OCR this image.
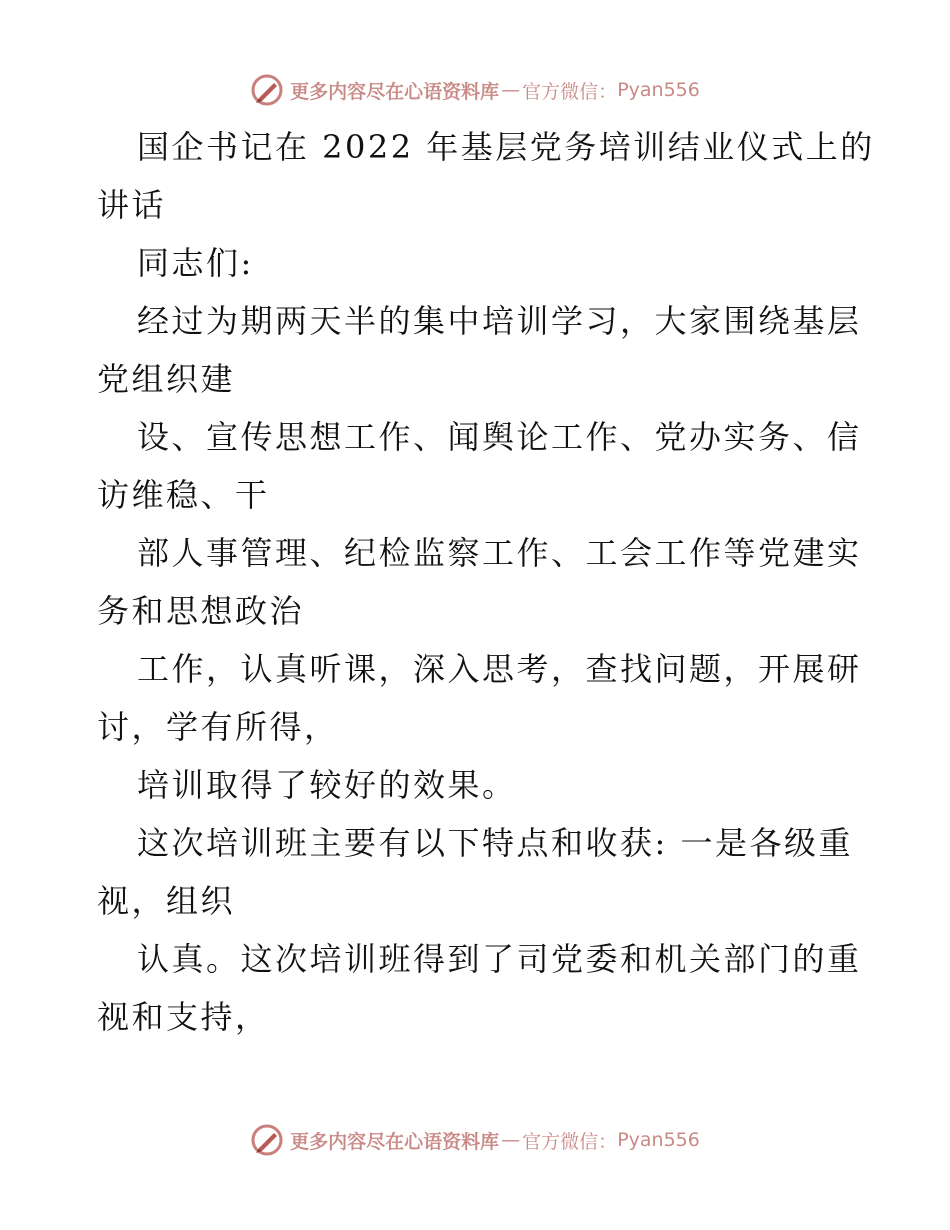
更多内容尽在心语资料库 — 官方微信： Pyan556
国企书记在 2022 年基层党务培训结业仪式上的
讲话
同志们:
经过为期两天半的集中培训学习，大家围绕基层
党组织建
设、宣传思想工作、闻舆论工作、党办实务、信
访维稳、干
部人事管理、纪检监察工作、工会工作等党建实
务和思想政治
工作，认真听课，深入思考，查找问题，开展研
讨，学有所得，
培训取得了较好的效果。
这次培训班主要有以下特点和收获: 一是各级重
视，组织
认真。这次培训班得到了司党委和机关部门的重
视和支持，
更多内容尽在心语资料库 — 官方微信： Pyan556
